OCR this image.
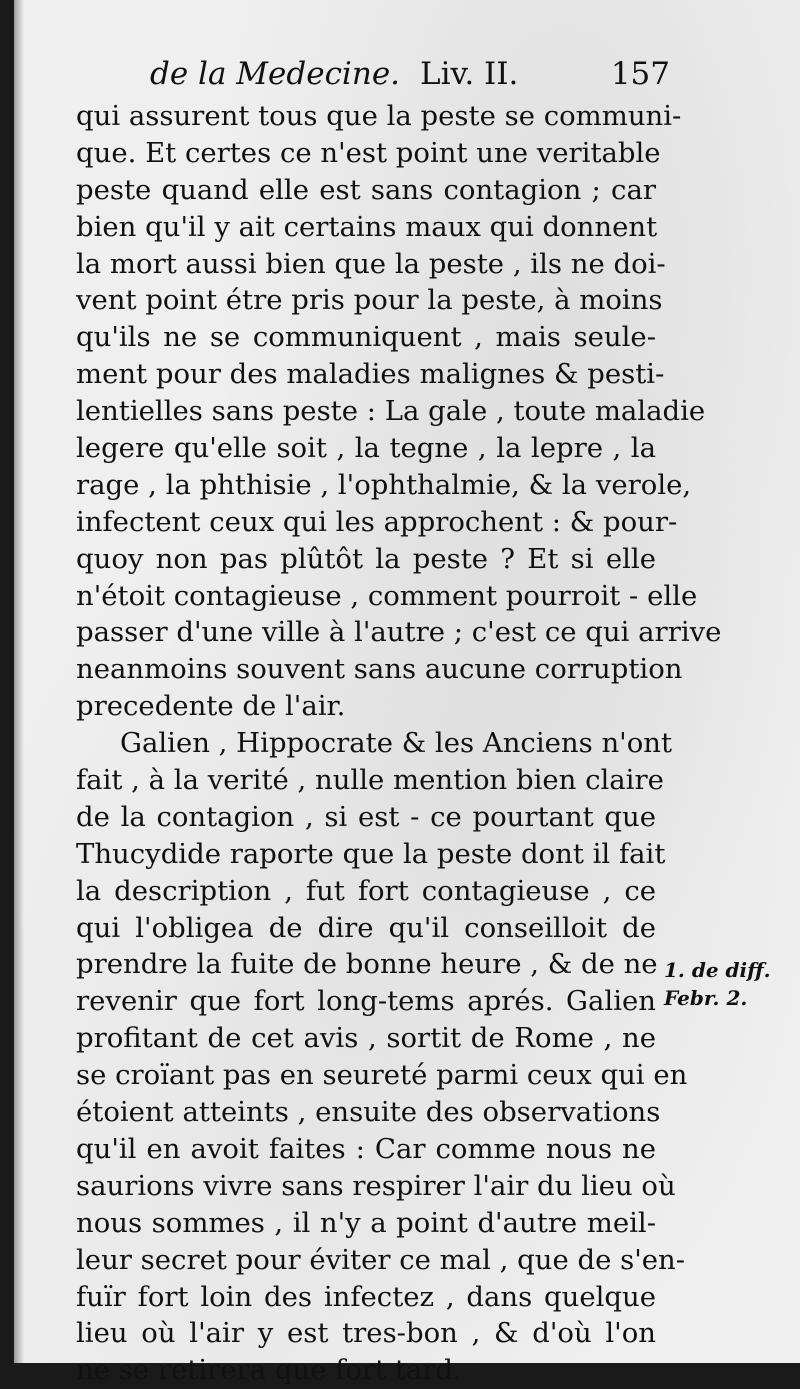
de la Medecine. Liv. II.	157
qui assurent tous que la peste se communi-
que. Et certes ce n'est point une veritable
peste quand elle est sans contagion ; car
bien qu'il y ait certains maux qui donnent
la mort aussi bien que la peste , ils ne doi-
vent point étre pris pour la peste, à moins
qu'ils ne se communiquent , mais seule-
ment pour des maladies malignes & pesti-
lentielles sans peste : La gale , toute maladie
legere qu'elle soit , la tegne , la lepre , la
rage , la phthisie , l'ophthalmie, & la verole,
infectent ceux qui les approchent : & pour-
quoy non pas plûtôt la peste ? Et si elle
n'étoit contagieuse , comment pourroit - elle
passer d'une ville à l'autre ; c'est ce qui arrive
neanmoins souvent sans aucune corruption
precedente de l'air.
Galien , Hippocrate & les Anciens n'ont
fait , à la verité , nulle mention bien claire
de la contagion , si est - ce pourtant que
Thucydide raporte que la peste dont il fait
la description , fut fort contagieuse , ce
qui l'obligea de dire qu'il conseilloit de
prendre la fuite de bonne heure , & de ne
revenir que fort long-tems aprés. Galien
profitant de cet avis , sortit de Rome , ne
se croïant pas en seureté parmi ceux qui en
étoient atteints , ensuite des observations
qu'il en avoit faites : Car comme nous ne
saurions vivre sans respirer l'air du lieu où
nous sommes , il n'y a point d'autre meil-
leur secret pour éviter ce mal , que de s'en-
fuïr fort loin des infectez , dans quelque
lieu où l'air y est tres-bon , & d'où l'on
ne se retirera que fort tard.
1. de diff.
Febr. 2.
